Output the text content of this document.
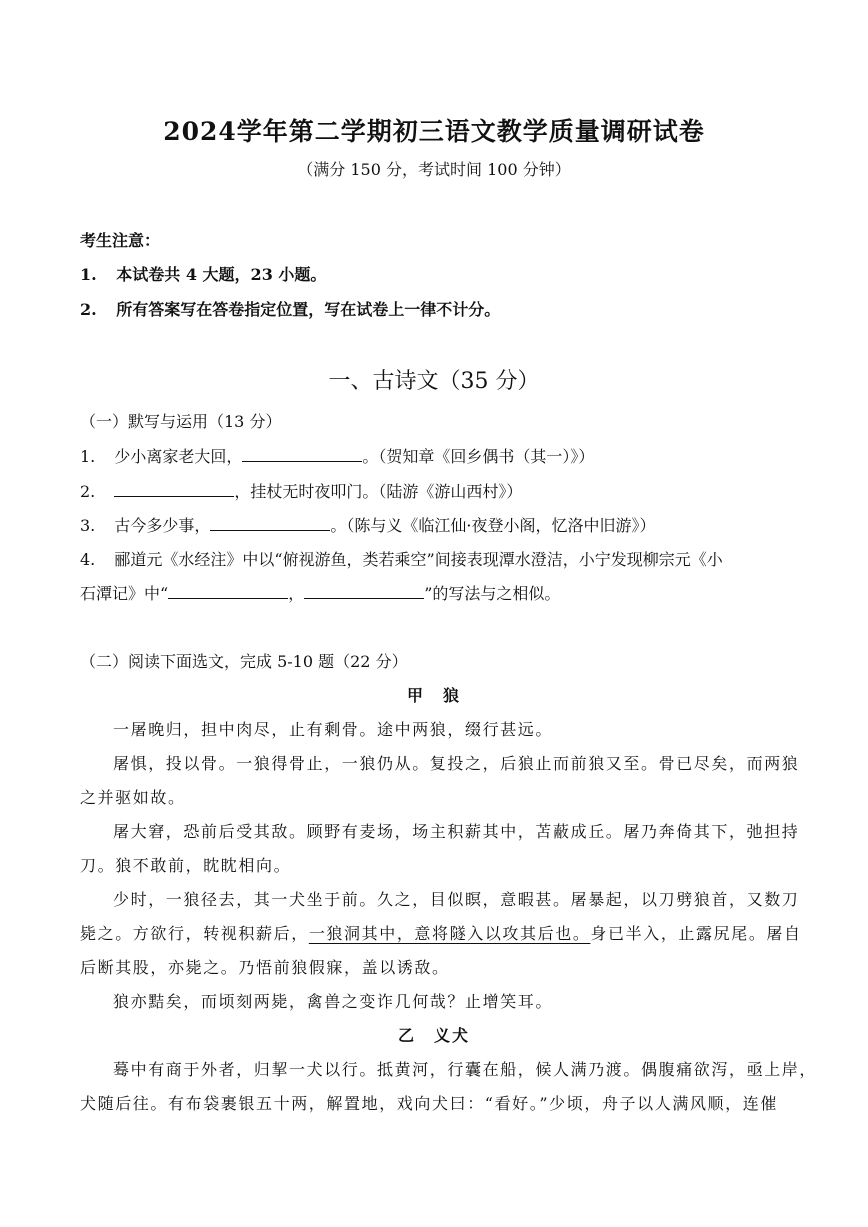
2024学年第二学期初三语文教学质量调研试卷
（满分 150 分，考试时间 100 分钟）
考生注意：
1. 本试卷共 4 大题，23 小题。
2. 所有答案写在答卷指定位置，写在试卷上一律不计分。
一、古诗文（35 分）
（一）默写与运用（13 分）
1. 少小离家老大回，	。（贺知章《回乡偶书（其一）》）
2.	，挂杖无时夜叩门。（陆游《游山西村》）
3. 古今多少事，	。（陈与义《临江仙·夜登小阁，忆洛中旧游》）
4. 郦道元《水经注》中以“俯视游鱼，类若乘空”间接表现潭水澄洁，小宁发现柳宗元《小
石潭记》中“	，	”的写法与之相似。
（二）阅读下面选文，完成 5-10 题（22 分）
甲　狼
一屠晚归，担中肉尽，止有剩骨。途中两狼，缀行甚远。
屠惧，投以骨。一狼得骨止，一狼仍从。复投之，后狼止而前狼又至。骨已尽矣，而两狼
之并驱如故。
屠大窘，恐前后受其敌。顾野有麦场，场主积薪其中，苫蔽成丘。屠乃奔倚其下，弛担持
刀。狼不敢前，眈眈相向。
少时，一狼径去，其一犬坐于前。久之，目似瞑，意暇甚。屠暴起，以刀劈狼首，又数刀
毙之。方欲行，转视积薪后，一狼洞其中，意将隧入以攻其后也。身已半入，止露尻尾。屠自
后断其股，亦毙之。乃悟前狼假寐，盖以诱敌。
狼亦黠矣，而顷刻两毙，禽兽之变诈几何哉？止增笑耳。
乙　义犬
蓦中有商于外者，归挈一犬以行。抵黄河，行囊在船，候人满乃渡。偶腹痛欲泻，亟上岸，
犬随后往。有布袋裹银五十两，解置地，戏向犬曰：“看好。”少顷，舟子以人满风顺，连催
